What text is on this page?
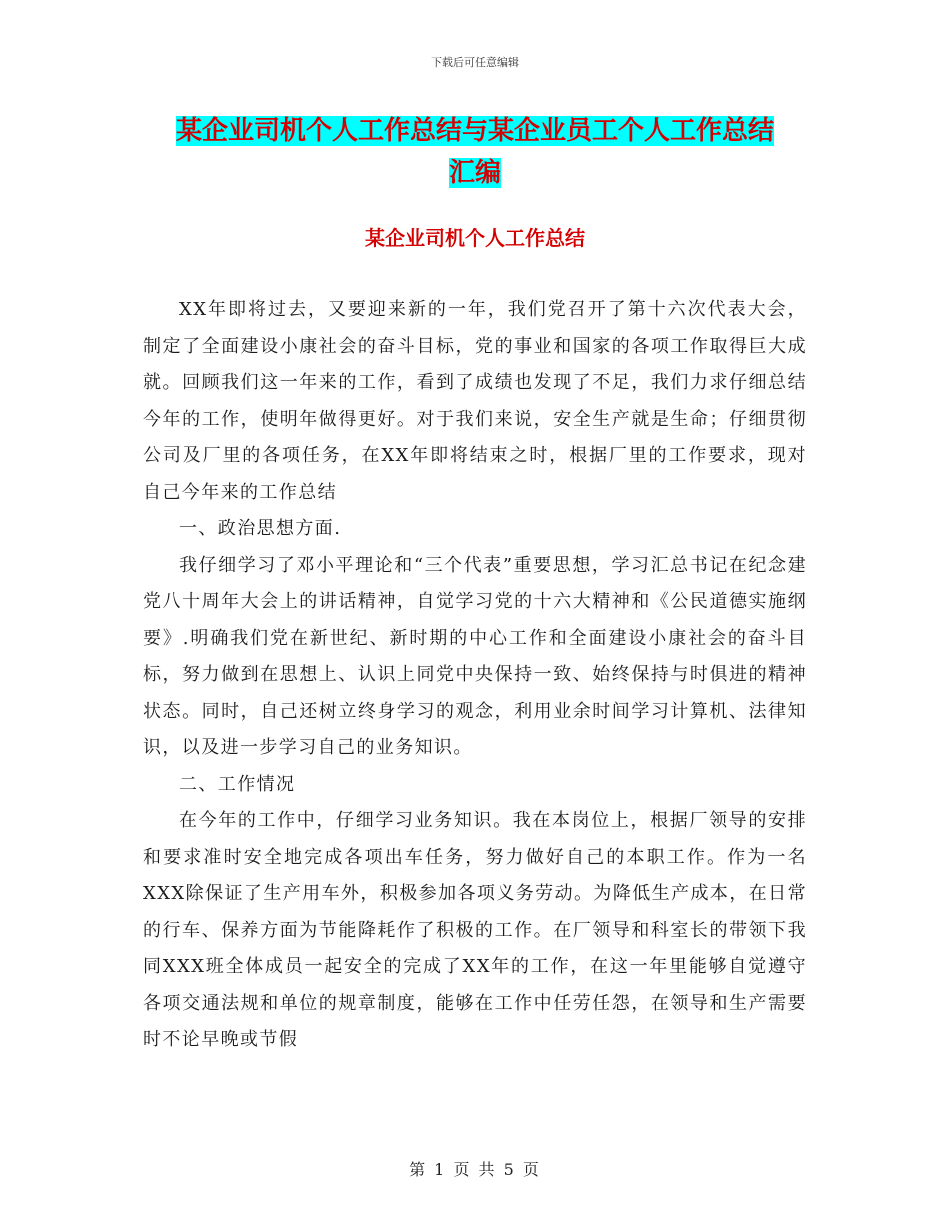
下载后可任意编辑
某企业司机个人工作总结与某企业员工个人工作总结
汇编
某企业司机个人工作总结

XX年即将过去，又要迎来新的一年，我们党召开了第十六次代表大会，制定了全面建设小康社会的奋斗目标，党的事业和国家的各项工作取得巨大成就。回顾我们这一年来的工作，看到了成绩也发现了不足，我们力求仔细总结今年的工作，使明年做得更好。对于我们来说，安全生产就是生命；仔细贯彻公司及厂里的各项任务，在XX年即将结束之时，根据厂里的工作要求，现对自己今年来的工作总结

一、政治思想方面.

我仔细学习了邓小平理论和“三个代表”重要思想，学习汇总书记在纪念建党八十周年大会上的讲话精神，自觉学习党的十六大精神和《公民道德实施纲要》.明确我们党在新世纪、新时期的中心工作和全面建设小康社会的奋斗目标，努力做到在思想上、认识上同党中央保持一致、始终保持与时俱进的精神状态。同时，自己还树立终身学习的观念，利用业余时间学习计算机、法律知识，以及进一步学习自己的业务知识。

二、工作情况

在今年的工作中，仔细学习业务知识。我在本岗位上，根据厂领导的安排和要求准时安全地完成各项出车任务，努力做好自己的本职工作。作为一名XXX除保证了生产用车外，积极参加各项义务劳动。为降低生产成本，在日常的行车、保养方面为节能降耗作了积极的工作。在厂领导和科室长的带领下我同XXX班全体成员一起安全的完成了XX年的工作，在这一年里能够自觉遵守各项交通法规和单位的规章制度，能够在工作中任劳任怨，在领导和生产需要时不论早晚或节假

第 1 页 共 5 页
